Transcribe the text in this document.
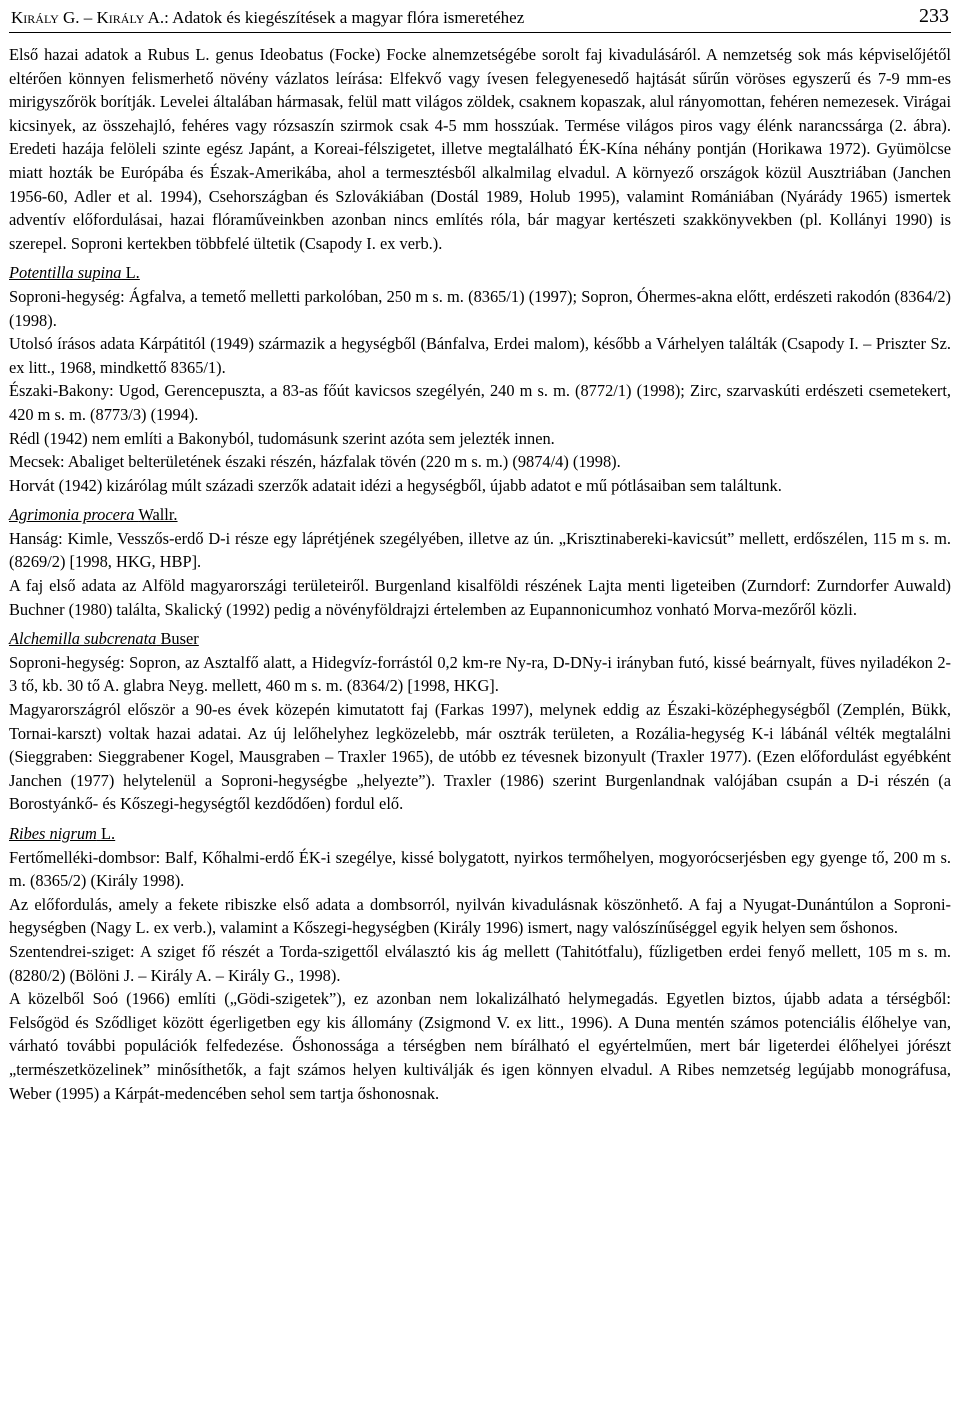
Király G. – Király A.: Adatok és kiegészítések a magyar flóra ismeretéhez	233

Első hazai adatok a Rubus L. genus Ideobatus (Focke) Focke alnemzetségébe sorolt faj kivadulásáról. A nemzetség sok más képviselőjétől eltérően könnyen felismerhető növény vázlatos leírása: Elfekvő vagy ívesen felegyenesedő hajtását sűrűn vöröses egyszerű és 7-9 mm-es mirigyszőrök borítják. Levelei általában hármasak, felül matt világos zöldek, csaknem kopaszak, alul rányomottan, fehéren nemezesek. Virágai kicsinyek, az összehajló, fehéres vagy rózsaszín szirmok csak 4-5 mm hosszúak. Termése világos piros vagy élénk narancssárga (2. ábra). Eredeti hazája felöleli szinte egész Japánt, a Koreai-félszigetet, illetve megtalálható ÉK-Kína néhány pontján (Horikawa 1972). Gyümölcse miatt hozták be Európába és Észak-Amerikába, ahol a termesztésből alkalmilag elvadul. A környező országok közül Ausztriában (Janchen 1956-60, Adler et al. 1994), Csehországban és Szlovákiában (Dostál 1989, Holub 1995), valamint Romániában (Nyárády 1965) ismertek adventív előfordulásai, hazai flóraműveinkben azonban nincs említés róla, bár magyar kertészeti szakkönyvekben (pl. Kollányi 1990) is szerepel. Soproni kertekben többfelé ültetik (Csapody I. ex verb.).

Potentilla supina L.

Soproni-hegység: Ágfalva, a temető melletti parkolóban, 250 m s. m. (8365/1) (1997); Sopron, Óhermes-akna előtt, erdészeti rakodón (8364/2) (1998).

Utolsó írásos adata Kárpátitól (1949) származik a hegységből (Bánfalva, Erdei malom), később a Várhelyen találták (Csapody I. – Priszter Sz. ex litt., 1968, mindkettő 8365/1).

Északi-Bakony: Ugod, Gerencepuszta, a 83-as főút kavicsos szegélyén, 240 m s. m. (8772/1) (1998); Zirc, szarvaskúti erdészeti csemetekert, 420 m s. m. (8773/3) (1994).

Rédl (1942) nem említi a Bakonyból, tudomásunk szerint azóta sem jelezték innen.

Mecsek: Abaliget belterületének északi részén, házfalak tövén (220 m s. m.) (9874/4) (1998).

Horvát (1942) kizárólag múlt századi szerzők adatait idézi a hegységből, újabb adatot e mű pótlásaiban sem találtunk.

Agrimonia procera Wallr.

Hanság: Kimle, Vesszős-erdő D-i része egy láprétjének szegélyében, illetve az ún. „Krisztinabereki-kavicsút” mellett, erdőszélen, 115 m s. m. (8269/2) [1998, HKG, HBP].

A faj első adata az Alföld magyarországi területeiről. Burgenland kisalföldi részének Lajta menti ligeteiben (Zurndorf: Zurndorfer Auwald) Buchner (1980) találta, Skalický (1992) pedig a növényföldrajzi értelemben az Eupannonicumhoz vonható Morva-mezőről közli.

Alchemilla subcrenata Buser

Soproni-hegység: Sopron, az Asztalfő alatt, a Hidegvíz-forrástól 0,2 km-re Ny-ra, D-DNy-i irányban futó, kissé beárnyalt, füves nyiladékon 2-3 tő, kb. 30 tő A. glabra Neyg. mellett, 460 m s. m. (8364/2) [1998, HKG].

Magyarországról először a 90-es évek közepén kimutatott faj (Farkas 1997), melynek eddig az Északi-középhegységből (Zemplén, Bükk, Tornai-karszt) voltak hazai adatai. Az új lelőhelyhez legközelebb, már osztrák területen, a Rozália-hegység K-i lábánál vélték megtalálni (Sieggraben: Sieggrabener Kogel, Mausgraben – Traxler 1965), de utóbb ez tévesnek bizonyult (Traxler 1977). (Ezen előfordulást egyébként Janchen (1977) helytelenül a Soproni-hegységbe „helyezte”). Traxler (1986) szerint Burgenlandnak valójában csupán a D-i részén (a Borostyánkő- és Kőszegi-hegységtől kezdődően) fordul elő.

Ribes nigrum L.

Fertőmelléki-dombsor: Balf, Kőhalmi-erdő ÉK-i szegélye, kissé bolygatott, nyirkos termőhelyen, mogyorócserjésben egy gyenge tő, 200 m s. m. (8365/2) (Király 1998).

Az előfordulás, amely a fekete ribiszke első adata a dombsorról, nyilván kivadulásnak köszönhető. A faj a Nyugat-Dunántúlon a Soproni-hegységben (Nagy L. ex verb.), valamint a Kőszegi-hegységben (Király 1996) ismert, nagy valószínűséggel egyik helyen sem őshonos.

Szentendrei-sziget: A sziget fő részét a Torda-szigettől elválasztó kis ág mellett (Tahitótfalu), fűzligetben erdei fenyő mellett, 105 m s. m. (8280/2) (Bölöni J. – Király A. – Király G., 1998).

A közelből Soó (1966) említi („Gödi-szigetek”), ez azonban nem lokalizálható helymegadás. Egyetlen biztos, újabb adata a térségből: Felsőgöd és Sződliget között égerligetben egy kis állomány (Zsigmond V. ex litt., 1996). A Duna mentén számos potenciális élőhelye van, várható további populációk felfedezése. Őshonossága a térségben nem bírálható el egyértelműen, mert bár ligeterdei élőhelyei jórészt „természetközelinek” minősíthetők, a fajt számos helyen kultiválják és igen könnyen elvadul. A Ribes nemzetség legújabb monográfusa, Weber (1995) a Kárpát-medencében sehol sem tartja őshonosnak.
